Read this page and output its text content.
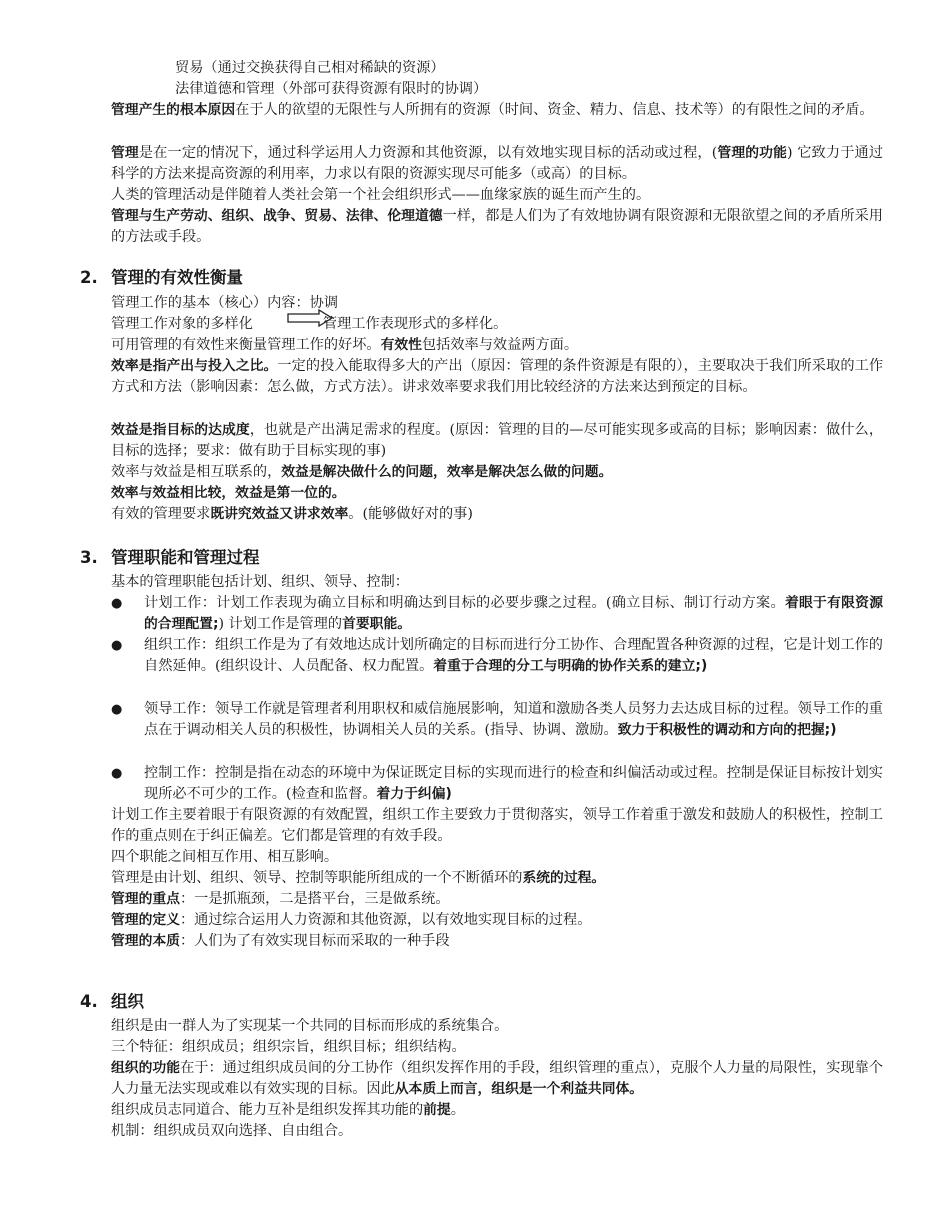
贸易（通过交换获得自己相对稀缺的资源）
法律道德和管理（外部可获得资源有限时的协调）

管理产生的根本原因在于人的欲望的无限性与人所拥有的资源（时间、资金、精力、信息、技术等）的有限性之间的矛盾。

管理是在一定的情况下，通过科学运用人力资源和其他资源，以有效地实现目标的活动或过程，(管理的功能) 它致力于通过科学的方法来提高资源的利用率，力求以有限的资源实现尽可能多（或高）的目标。

人类的管理活动是伴随着人类社会第一个社会组织形式——血缘家族的诞生而产生的。

管理与生产劳动、组织、战争、贸易、法律、伦理道德一样，都是人们为了有效地协调有限资源和无限欲望之间的矛盾所采用的方法或手段。

2. 管理的有效性衡量
管理工作的基本（核心）内容：协调
管理工作对象的多样化	管理工作表现形式的多样化。
可用管理的有效性来衡量管理工作的好坏。有效性包括效率与效益两方面。

效率是指产出与投入之比。一定的投入能取得多大的产出（原因：管理的条件资源是有限的），主要取决于我们所采取的工作方式和方法（影响因素：怎么做，方式方法）。讲求效率要求我们用比较经济的方法来达到预定的目标。

效益是指目标的达成度，也就是产出满足需求的程度。(原因：管理的目的—尽可能实现多或高的目标；影响因素：做什么，目标的选择；要求：做有助于目标实现的事)

效率与效益是相互联系的，效益是解决做什么的问题，效率是解决怎么做的问题。

效率与效益相比较，效益是第一位的。

有效的管理要求既讲究效益又讲求效率。(能够做好对的事)

3. 管理职能和管理过程
基本的管理职能包括计划、组织、领导、控制：
● 计划工作：计划工作表现为确立目标和明确达到目标的必要步骤之过程。(确立目标、制订行动方案。着眼于有限资源的合理配置;) 计划工作是管理的首要职能。
● 组织工作：组织工作是为了有效地达成计划所确定的目标而进行分工协作、合理配置各种资源的过程，它是计划工作的自然延伸。(组织设计、人员配备、权力配置。着重于合理的分工与明确的协作关系的建立;)
● 领导工作：领导工作就是管理者利用职权和威信施展影响，知道和激励各类人员努力去达成目标的过程。领导工作的重点在于调动相关人员的积极性，协调相关人员的关系。(指导、协调、激励。致力于积极性的调动和方向的把握;)
● 控制工作：控制是指在动态的环境中为保证既定目标的实现而进行的检查和纠偏活动或过程。控制是保证目标按计划实现所必不可少的工作。(检查和监督。着力于纠偏)

计划工作主要着眼于有限资源的有效配置，组织工作主要致力于贯彻落实，领导工作着重于激发和鼓励人的积极性，控制工作的重点则在于纠正偏差。它们都是管理的有效手段。

四个职能之间相互作用、相互影响。

管理是由计划、组织、领导、控制等职能所组成的一个不断循环的系统的过程。

管理的重点：一是抓瓶颈，二是搭平台，三是做系统。

管理的定义：通过综合运用人力资源和其他资源，以有效地实现目标的过程。

管理的本质：人们为了有效实现目标而采取的一种手段

4. 组织

组织是由一群人为了实现某一个共同的目标而形成的系统集合。

三个特征：组织成员；组织宗旨，组织目标；组织结构。

组织的功能在于：通过组织成员间的分工协作（组织发挥作用的手段，组织管理的重点），克服个人力量的局限性，实现靠个人力量无法实现或难以有效实现的目标。因此从本质上而言，组织是一个利益共同体。

组织成员志同道合、能力互补是组织发挥其功能的前提。

机制：组织成员双向选择、自由组合。
